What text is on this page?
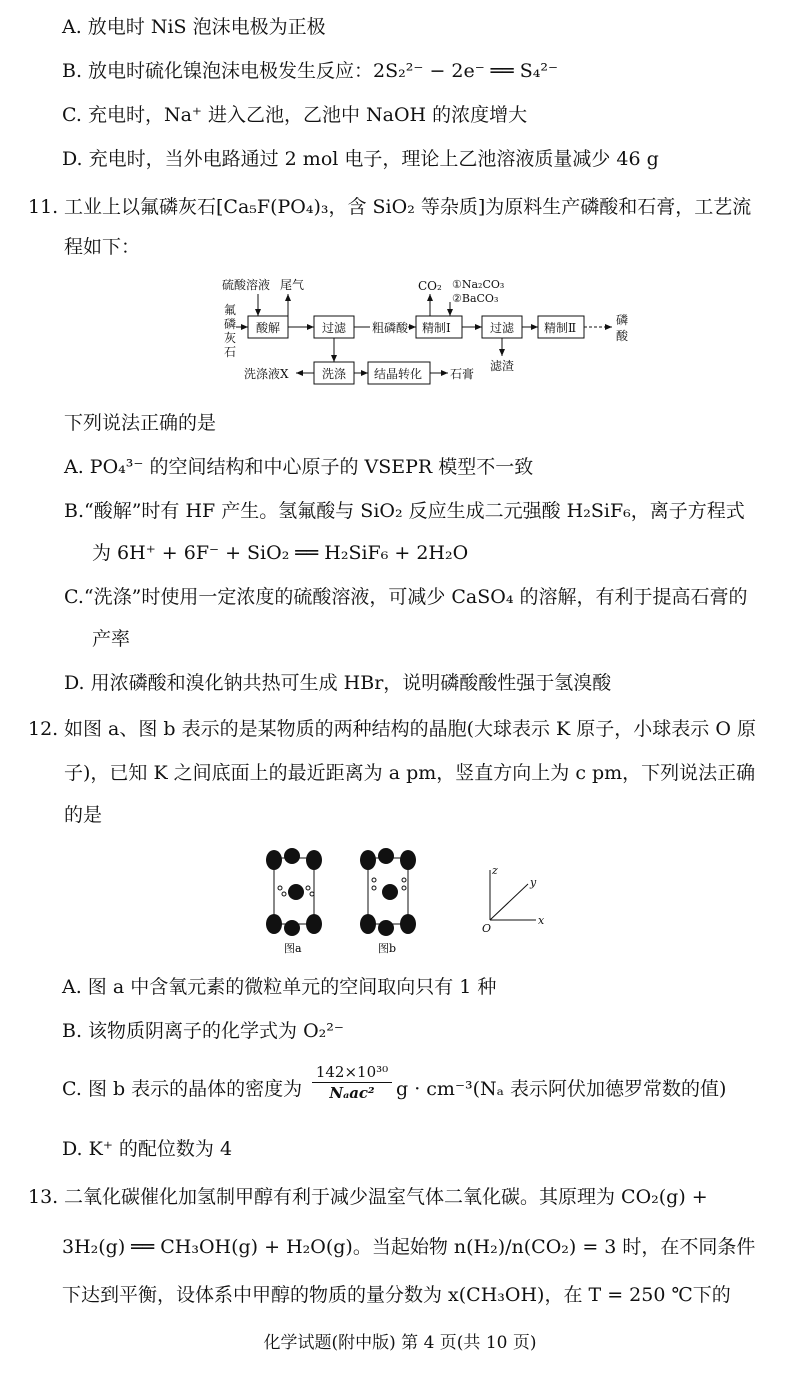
A. 放电时 NiS 泡沫电极为正极
B. 放电时硫化镍泡沫电极发生反应：2S₂²⁻ − 2e⁻ ══ S₄²⁻
C. 充电时，Na⁺ 进入乙池，乙池中 NaOH 的浓度增大
D. 充电时，当外电路通过 2 mol 电子，理论上乙池溶液质量减少 46 g
11. 工业上以氟磷灰石[Ca₅F(PO₄)₃，含 SiO₂ 等杂质]为原料生产磷酸和石膏，工艺流
程如下：
硫酸溶液 尾气
氟
磷
灰
石
酸解	过滤 粗磷酸 精制Ⅰ
CO₂ ①Na₂CO₃
②BaCO₃
过滤 精制Ⅱ
磷
酸
滤渣
洗涤液X	洗涤 结晶转化 石膏
下列说法正确的是
A. PO₄³⁻ 的空间结构和中心原子的 VSEPR 模型不一致
B.“酸解”时有 HF 产生。氢氟酸与 SiO₂ 反应生成二元强酸 H₂SiF₆，离子方程式
为 6H⁺ + 6F⁻ + SiO₂ ══ H₂SiF₆ + 2H₂O
C.“洗涤”时使用一定浓度的硫酸溶液，可减少 CaSO₄ 的溶解，有利于提高石膏的
产率
D. 用浓磷酸和溴化钠共热可生成 HBr，说明磷酸酸性强于氢溴酸
12. 如图 a、图 b 表示的是某物质的两种结构的晶胞(大球表示 K 原子，小球表示 O 原
子)，已知 K 之间底面上的最近距离为 a pm，竖直方向上为 c pm，下列说法正确
的是
图a	图b
z
y
x
O
A. 图 a 中含氧元素的微粒单元的空间取向只有 1 种
B. 该物质阴离子的化学式为 O₂²⁻
C. 图 b 表示的晶体的密度为
142×10³⁰
Nₐac²	g · cm⁻³(Nₐ 表示阿伏加德罗常数的值)
D. K⁺ 的配位数为 4
13. 二氧化碳催化加氢制甲醇有利于减少温室气体二氧化碳。其原理为 CO₂(g) +
3H₂(g) ══ CH₃OH(g) + H₂O(g)。当起始物 n(H₂)/n(CO₂) = 3 时，在不同条件
下达到平衡，设体系中甲醇的物质的量分数为 x(CH₃OH)，在 T = 250 ℃下的
化学试题(附中版) 第 4 页(共 10 页)
